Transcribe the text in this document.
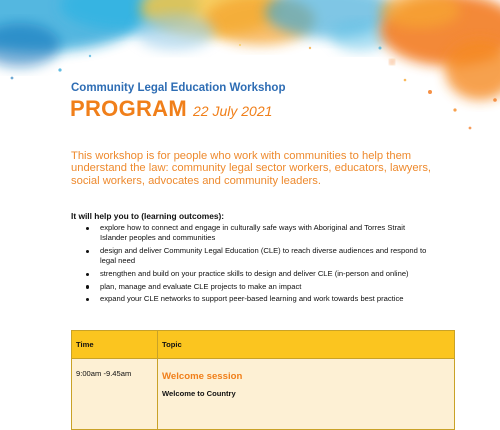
Community Legal Education Workshop
PROGRAM 22 July 2021
This workshop is for people who work with communities to help them understand the law: community legal sector workers, educators, lawyers, social workers, advocates and community leaders.
It will help you to (learning outcomes):
explore how to connect and engage in culturally safe ways with Aboriginal and Torres Strait Islander peoples and communities
design and deliver Community Legal Education (CLE) to reach diverse audiences and respond to legal need
strengthen and build on your practice skills to design and deliver CLE (in-person and online)
plan, manage and evaluate CLE projects to make an impact
expand your CLE networks to support peer-based learning and work towards best practice
Time	Topic
9:00am -9.45am	Welcome session
Welcome to Country
